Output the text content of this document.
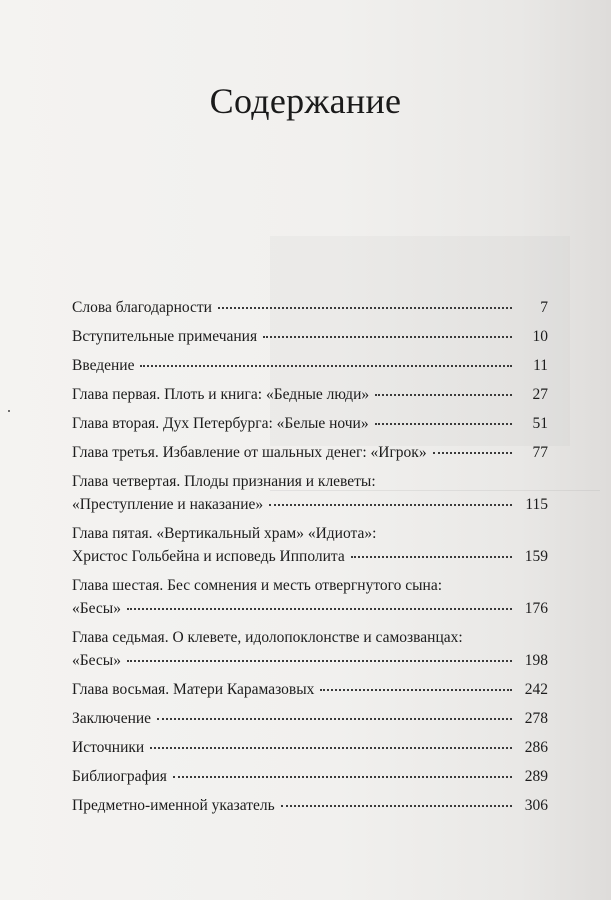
Содержание
Слова благодарности	7
Вступительные примечания	10
Введение	11
Глава первая. Плоть и книга: «Бедные люди»	27
Глава вторая. Дух Петербурга: «Белые ночи»	51
Глава третья. Избавление от шальных денег: «Игрок»	77
Глава четвертая. Плоды признания и клеветы:
«Преступление и наказание»	115
Глава пятая. «Вертикальный храм» «Идиота»:
Христос Гольбейна и исповедь Ипполита	159
Глава шестая. Бес сомнения и месть отвергнутого сына:
«Бесы»	176
Глава седьмая. О клевете, идолопоклонстве и самозванцах:
«Бесы»	198
Глава восьмая. Матери Карамазовых	242
Заключение	278
Источники	286
Библиография	289
Предметно-именной указатель	306
